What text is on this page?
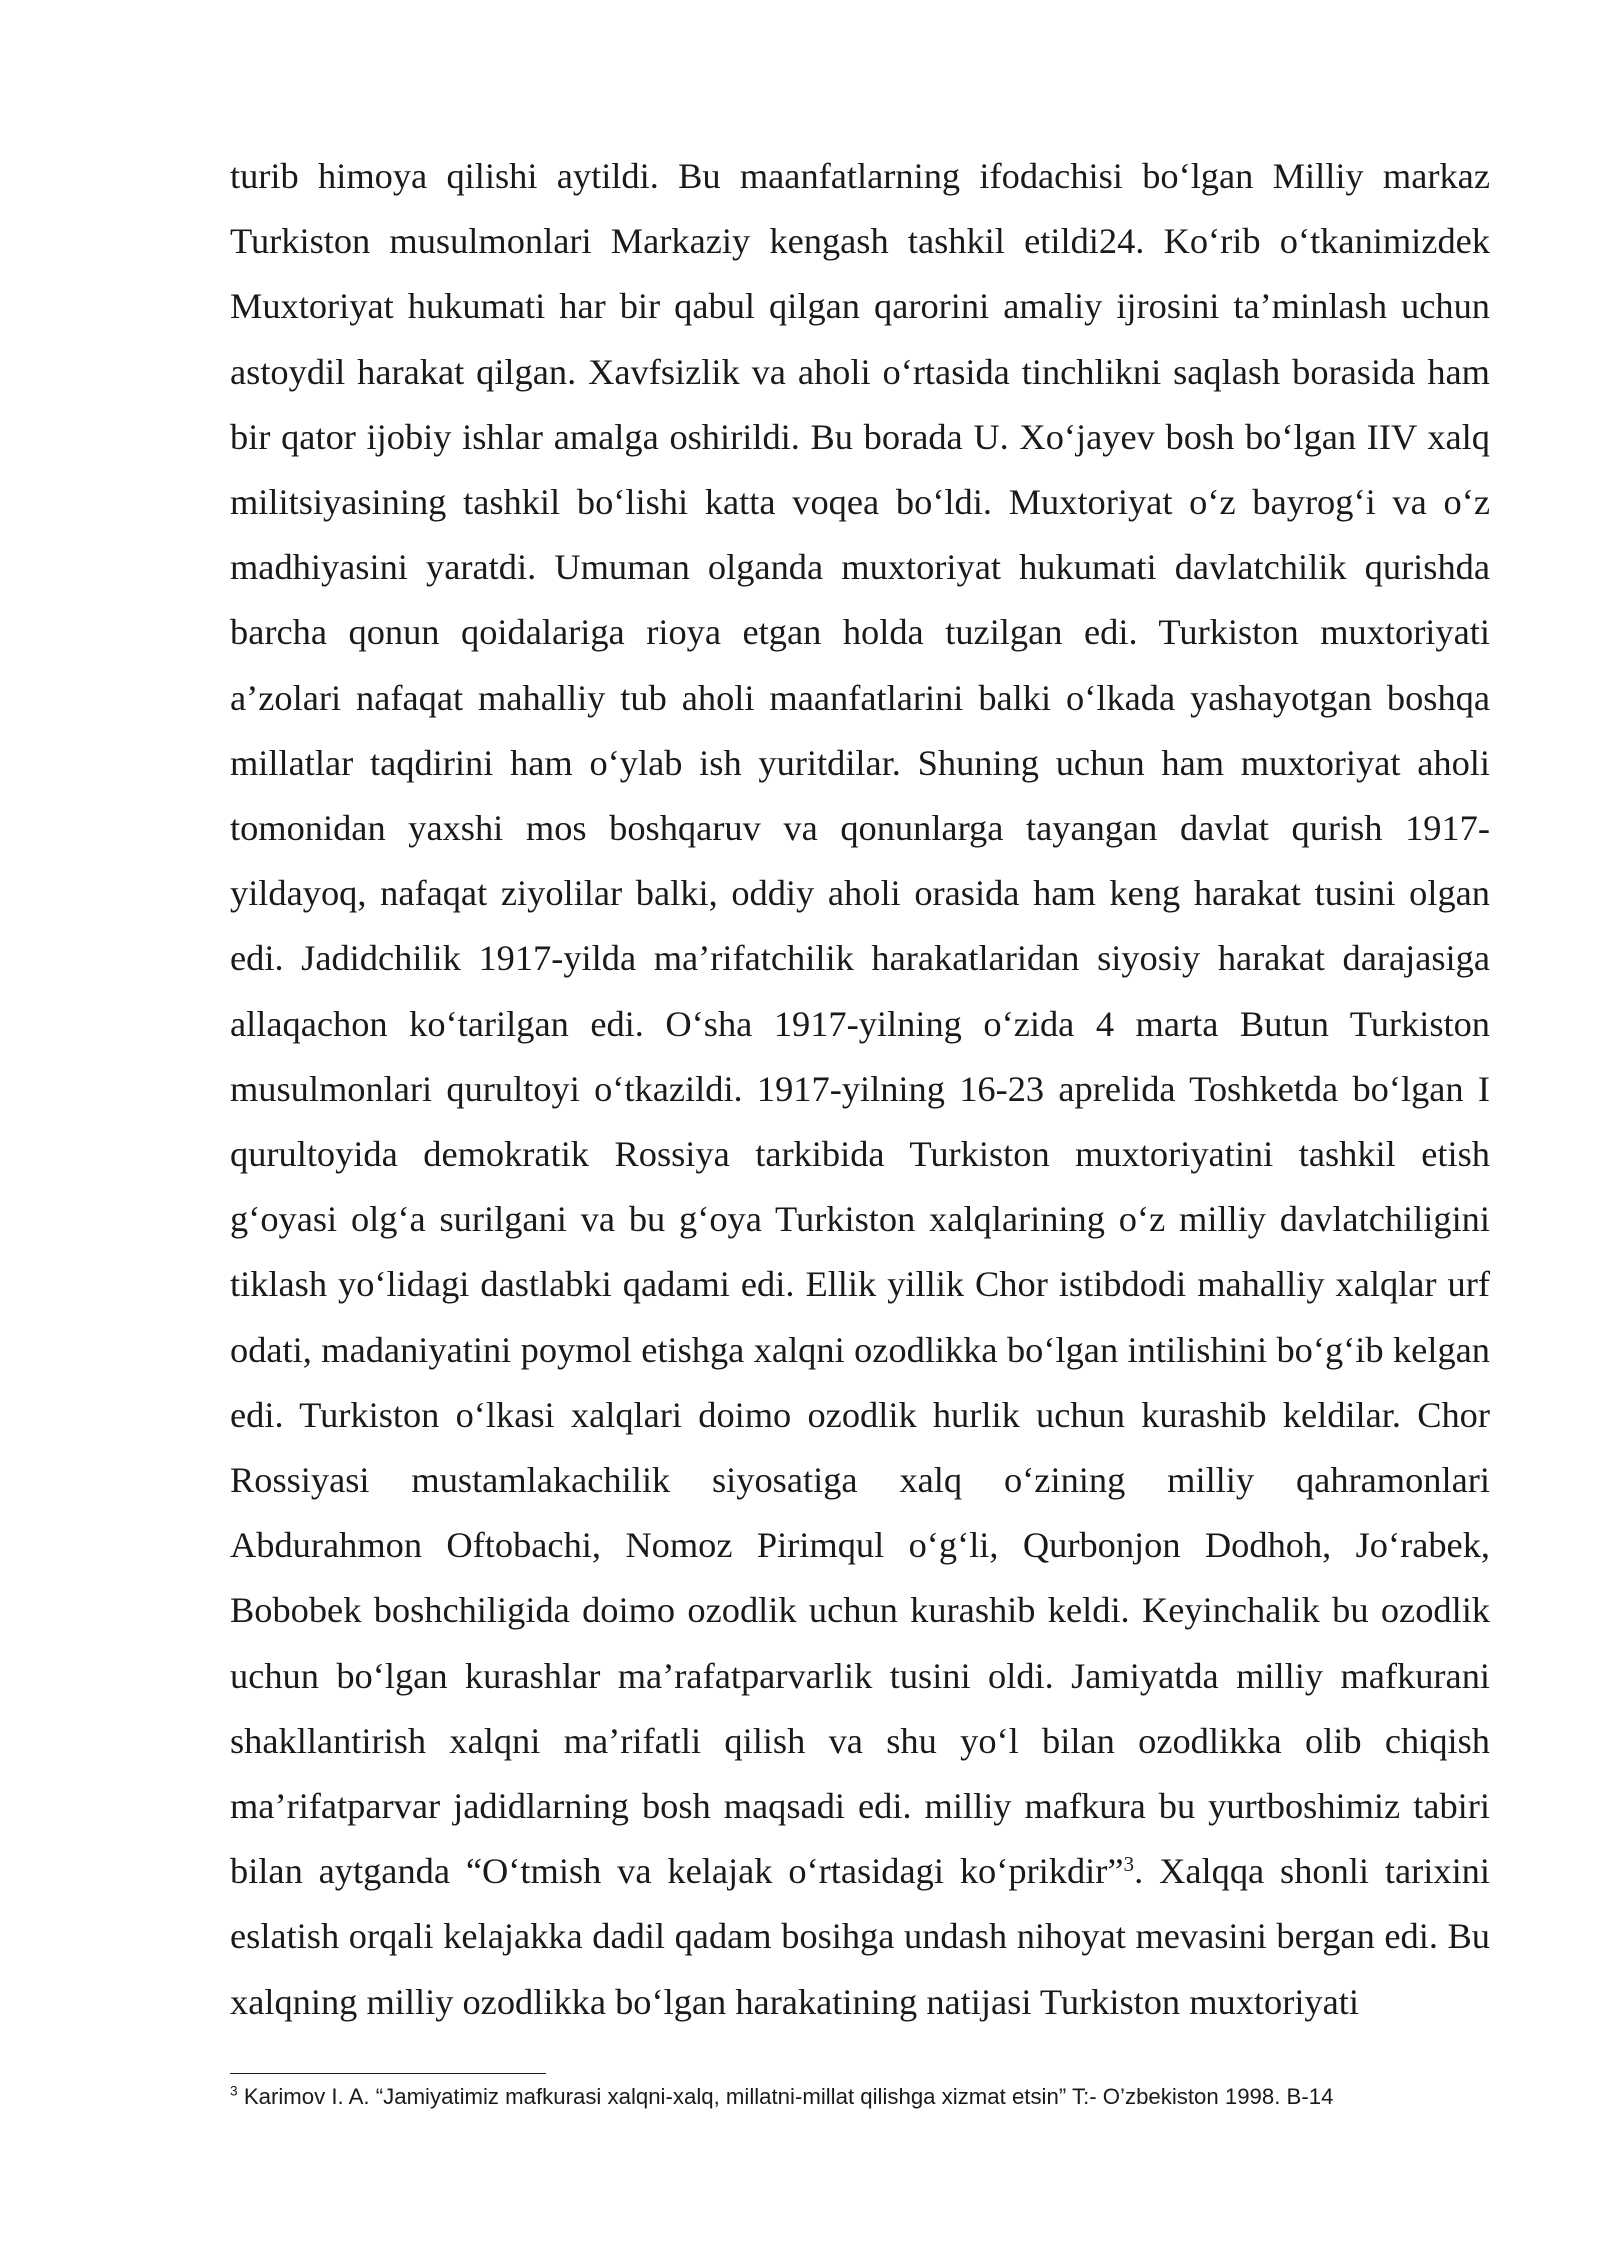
turib himoya qilishi aytildi. Bu maanfatlarning ifodachisi bo‘lgan Milliy markaz Turkiston musulmonlari Markaziy kengash tashkil etildi24. Ko‘rib o‘tkanimizdek Muxtoriyat hukumati har bir qabul qilgan qarorini amaliy ijrosini ta’minlash uchun astoydil harakat qilgan. Xavfsizlik va aholi o‘rtasida tinchlikni saqlash borasida ham bir qator ijobiy ishlar amalga oshirildi. Bu borada U. Xo‘jayev bosh bo‘lgan IIV xalq militsiyasining tashkil bo‘lishi katta voqea bo‘ldi. Muxtoriyat o‘z bayrog‘i va o‘z madhiyasini yaratdi. Umuman olganda muxtoriyat hukumati davlatchilik qurishda barcha qonun qoidalariga rioya etgan holda tuzilgan edi. Turkiston muxtoriyati a’zolari nafaqat mahalliy tub aholi maanfatlarini balki o‘lkada yashayotgan boshqa millatlar taqdirini ham o‘ylab ish yuritdilar. Shuning uchun ham muxtoriyat aholi tomonidan yaxshi mos boshqaruv va qonunlarga tayangan davlat qurish 1917-yildayoq, nafaqat ziyolilar balki, oddiy aholi orasida ham keng harakat tusini olgan edi. Jadidchilik 1917-yilda ma’rifatchilik harakatlaridan siyosiy harakat darajasiga allaqachon ko‘tarilgan edi. O‘sha 1917-yilning o‘zida 4 marta Butun Turkiston musulmonlari qurultoyi o‘tkazildi. 1917-yilning 16-23 aprelida Toshketda bo‘lgan I qurultoyida demokratik Rossiya tarkibida Turkiston muxtoriyatini tashkil etish g‘oyasi olg‘a surilgani va bu g‘oya Turkiston xalqlarining o‘z milliy davlatchiligini tiklash yo‘lidagi dastlabki qadami edi. Ellik yillik Chor istibdodi mahalliy xalqlar urf odati, madaniyatini poymol etishga xalqni ozodlikka bo‘lgan intilishini bo‘g‘ib kelgan edi. Turkiston o‘lkasi xalqlari doimo ozodlik hurlik uchun kurashib keldilar. Chor Rossiyasi mustamlakachilik siyosatiga xalq o‘zining milliy qahramonlari Abdurahmon Oftobachi, Nomoz Pirimqul o‘g‘li, Qurbonjon Dodhoh, Jo‘rabek, Bobobek boshchiligida doimo ozodlik uchun kurashib keldi. Keyinchalik bu ozodlik uchun bo‘lgan kurashlar ma’rafatparvarlik tusini oldi. Jamiyatda milliy mafkurani shakllantirish xalqni ma’rifatli qilish va shu yo‘l bilan ozodlikka olib chiqish ma’rifatparvar jadidlarning bosh maqsadi edi. milliy mafkura bu yurtboshimiz tabiri bilan aytganda “O‘tmish va kelajak o‘rtasidagi ko‘prikdir”$^3$. Xalqqa shonli tarixini eslatish orqali kelajakka dadil qadam bosihga undash nihoyat mevasini bergan edi. Bu xalqning milliy ozodlikka bo‘lgan harakatining natijasi Turkiston muxtoriyati

$^3$ Karimov I. A. “Jamiyatimiz mafkurasi xalqni-xalq, millatni-millat qilishga xizmat etsin” T:- O’zbekiston 1998. B-14
